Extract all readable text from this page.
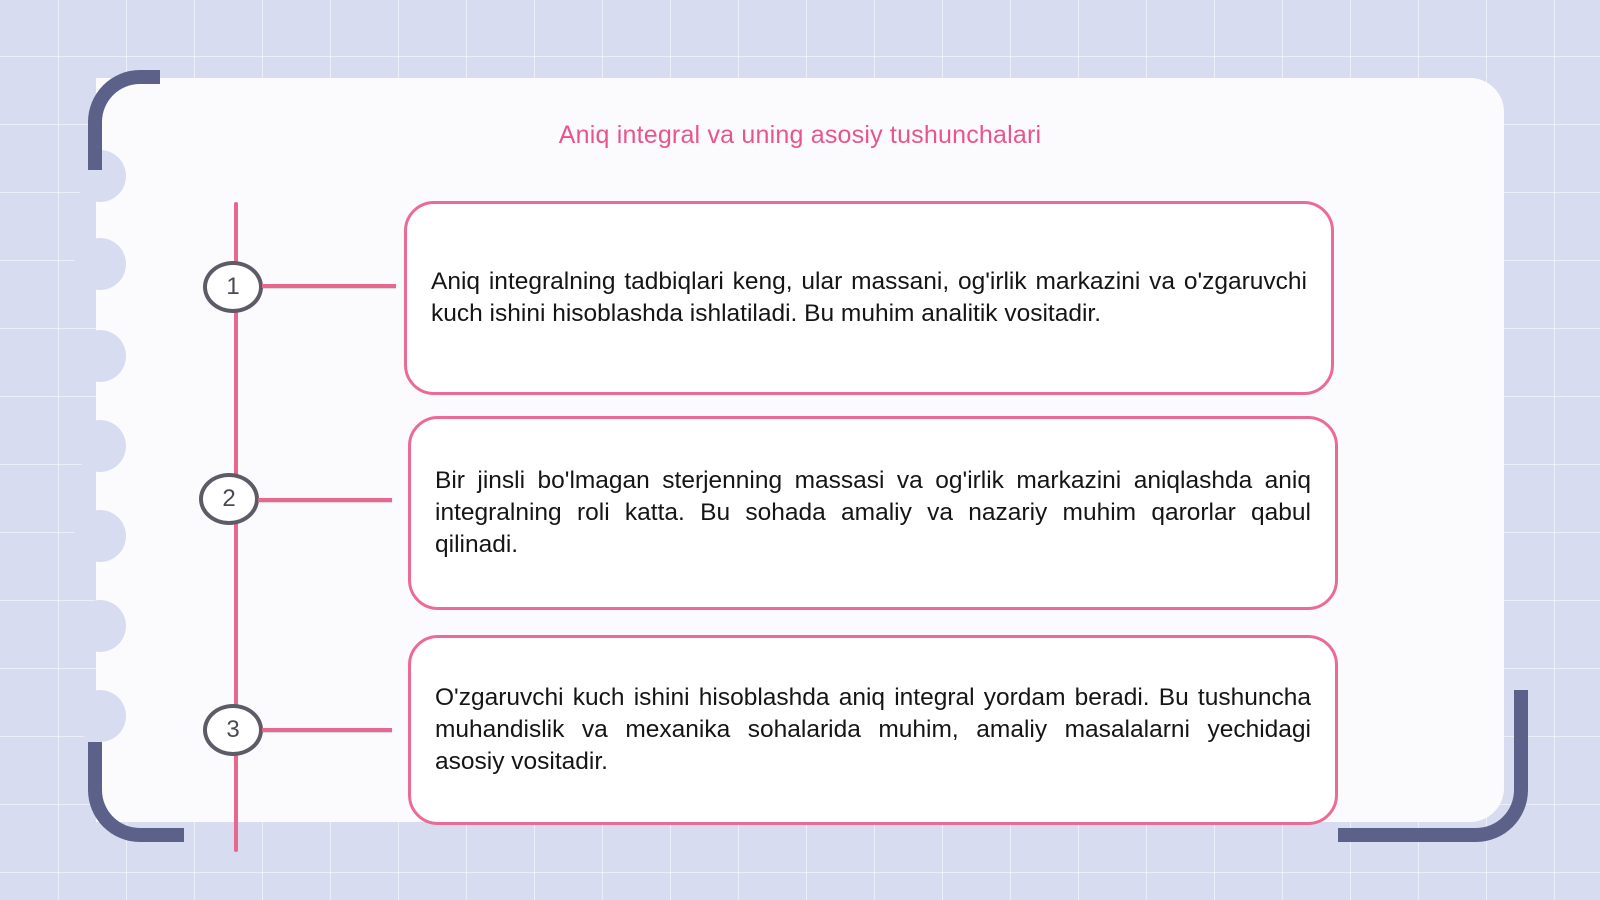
Aniq integral va uning asosiy tushunchalari
1	Aniq integralning tadbiqlari keng, ular massani, og'irlik markazini va o'zgaruvchi kuch ishini hisoblashda ishlatiladi. Bu muhim analitik vositadir.
2
Bir jinsli bo'lmagan sterjenning massasi va og'irlik markazini aniqlashda aniq integralning roli katta. Bu sohada amaliy va nazariy muhim qarorlar qabul qilinadi.
3
O'zgaruvchi kuch ishini hisoblashda aniq integral yordam beradi. Bu tushuncha muhandislik va mexanika sohalarida muhim, amaliy masalalarni yechidagi asosiy vositadir.
